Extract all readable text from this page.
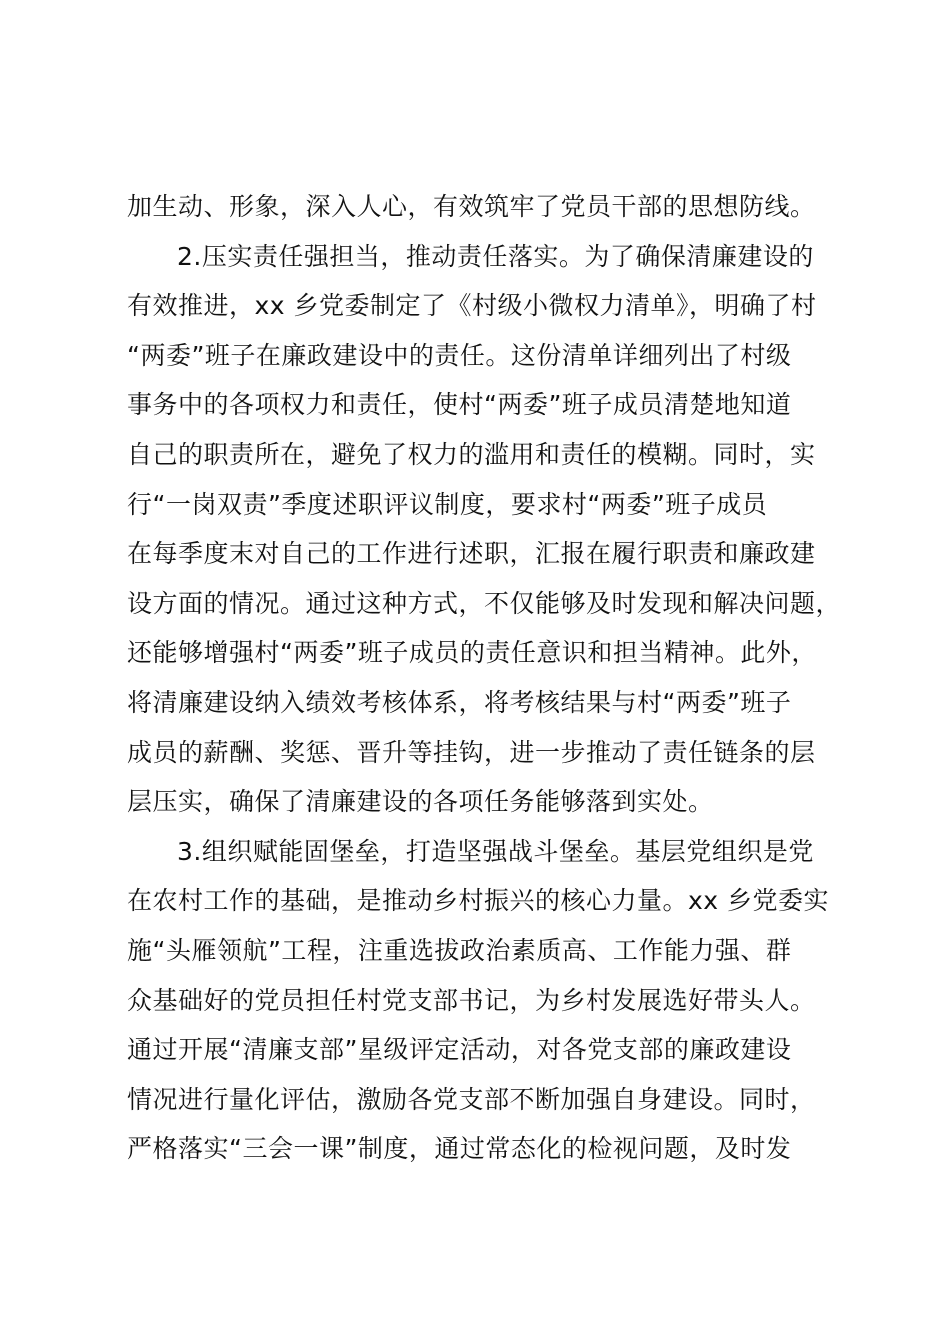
加生动、形象，深入人心，有效筑牢了党员干部的思想防线。
2.压实责任强担当，推动责任落实。为了确保清廉建设的
有效推进，xx 乡党委制定了《村级小微权力清单》，明确了村
“两委”班子在廉政建设中的责任。这份清单详细列出了村级
事务中的各项权力和责任，使村“两委”班子成员清楚地知道
自己的职责所在，避免了权力的滥用和责任的模糊。同时，实
行“一岗双责”季度述职评议制度，要求村“两委”班子成员
在每季度末对自己的工作进行述职，汇报在履行职责和廉政建
设方面的情况。通过这种方式，不仅能够及时发现和解决问题，
还能够增强村“两委”班子成员的责任意识和担当精神。此外，
将清廉建设纳入绩效考核体系，将考核结果与村“两委”班子
成员的薪酬、奖惩、晋升等挂钩，进一步推动了责任链条的层
层压实，确保了清廉建设的各项任务能够落到实处。
3.组织赋能固堡垒，打造坚强战斗堡垒。基层党组织是党
在农村工作的基础，是推动乡村振兴的核心力量。xx 乡党委实
施“头雁领航”工程，注重选拔政治素质高、工作能力强、群
众基础好的党员担任村党支部书记，为乡村发展选好带头人。
通过开展“清廉支部”星级评定活动，对各党支部的廉政建设
情况进行量化评估，激励各党支部不断加强自身建设。同时，
严格落实“三会一课”制度，通过常态化的检视问题，及时发
